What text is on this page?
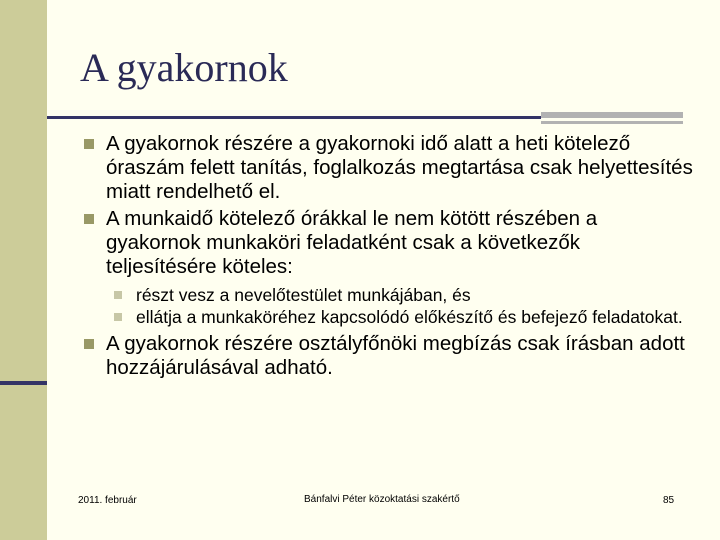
A gyakornok
A gyakornok részére a gyakornoki idő alatt a heti kötelező óraszám felett tanítás, foglalkozás megtartása csak helyettesítés miatt rendelhető el.
A munkaidő kötelező órákkal le nem kötött részében a gyakornok munkaköri feladatként csak a következők teljesítésére köteles:
részt vesz a nevelőtestület munkájában, és
ellátja a munkaköréhez kapcsolódó előkészítő és befejező feladatokat.
A gyakornok részére osztályfőnöki megbízás csak írásban adott hozzájárulásával adható.
2011. február	Bánfalvi Péter közoktatási szakértő	85
